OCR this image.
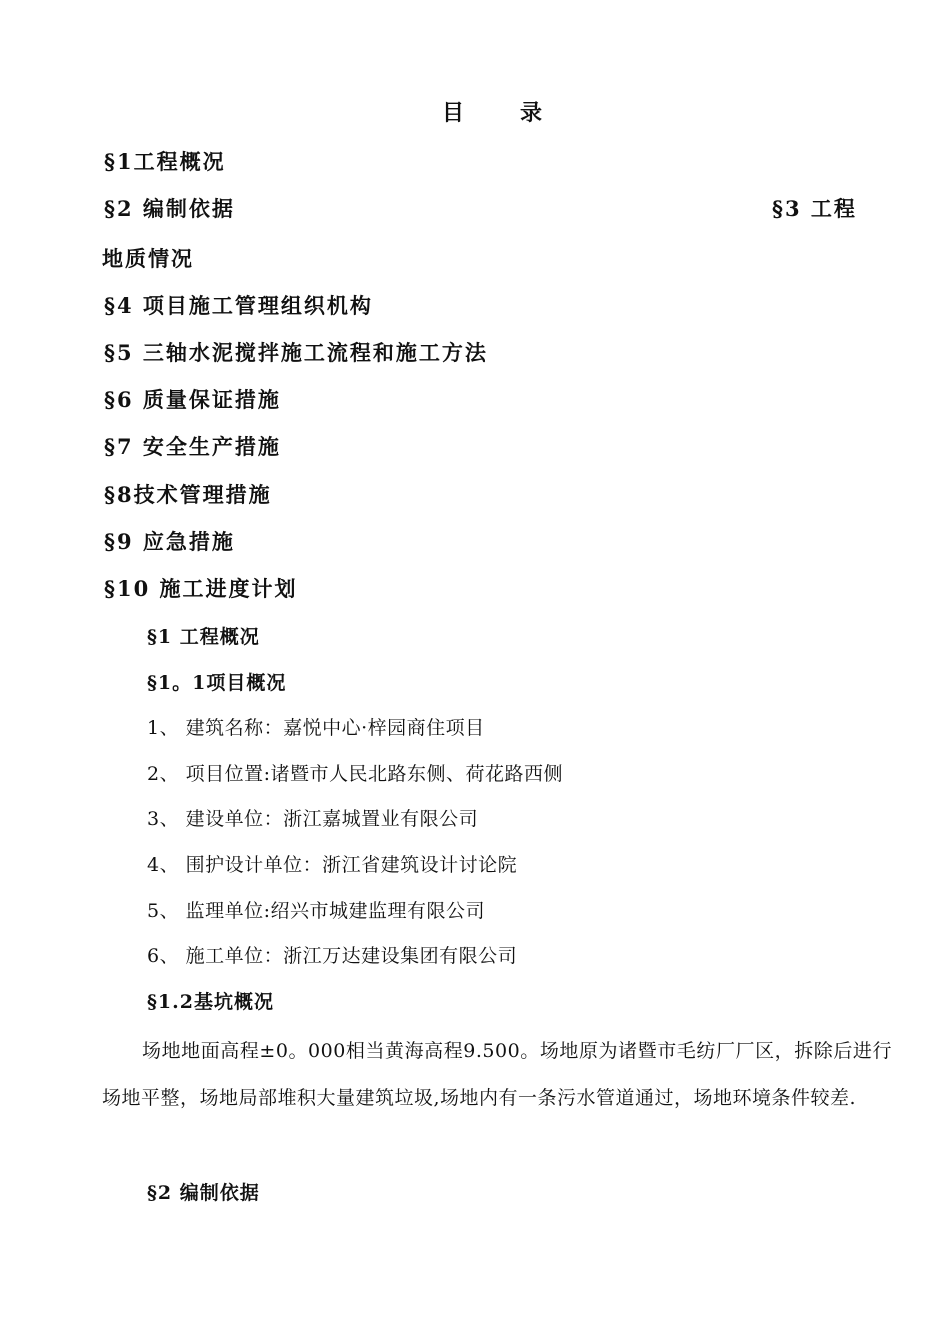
目	录
§1工程概况
§2 编制依据	§3 工程
地质情况
§4 项目施工管理组织机构
§5 三轴水泥搅拌施工流程和施工方法
§6 质量保证措施
§7 安全生产措施
§8技术管理措施
§9 应急措施
§10 施工进度计划
§1 工程概况
§1。1项目概况
1、 建筑名称：嘉悦中心·梓园商住项目
2、 项目位置:诸暨市人民北路东侧、荷花路西侧
3、 建设单位：浙江嘉城置业有限公司
4、 围护设计单位：浙江省建筑设计讨论院
5、 监理单位:绍兴市城建监理有限公司
6、 施工单位：浙江万达建设集团有限公司
§1.2基坑概况
场地地面高程±0。000相当黄海高程9.500。场地原为诸暨市毛纺厂厂区，拆除后进行场地平整，场地局部堆积大量建筑垃圾,场地内有一条污水管道通过，场地环境条件较差.
§2 编制依据
